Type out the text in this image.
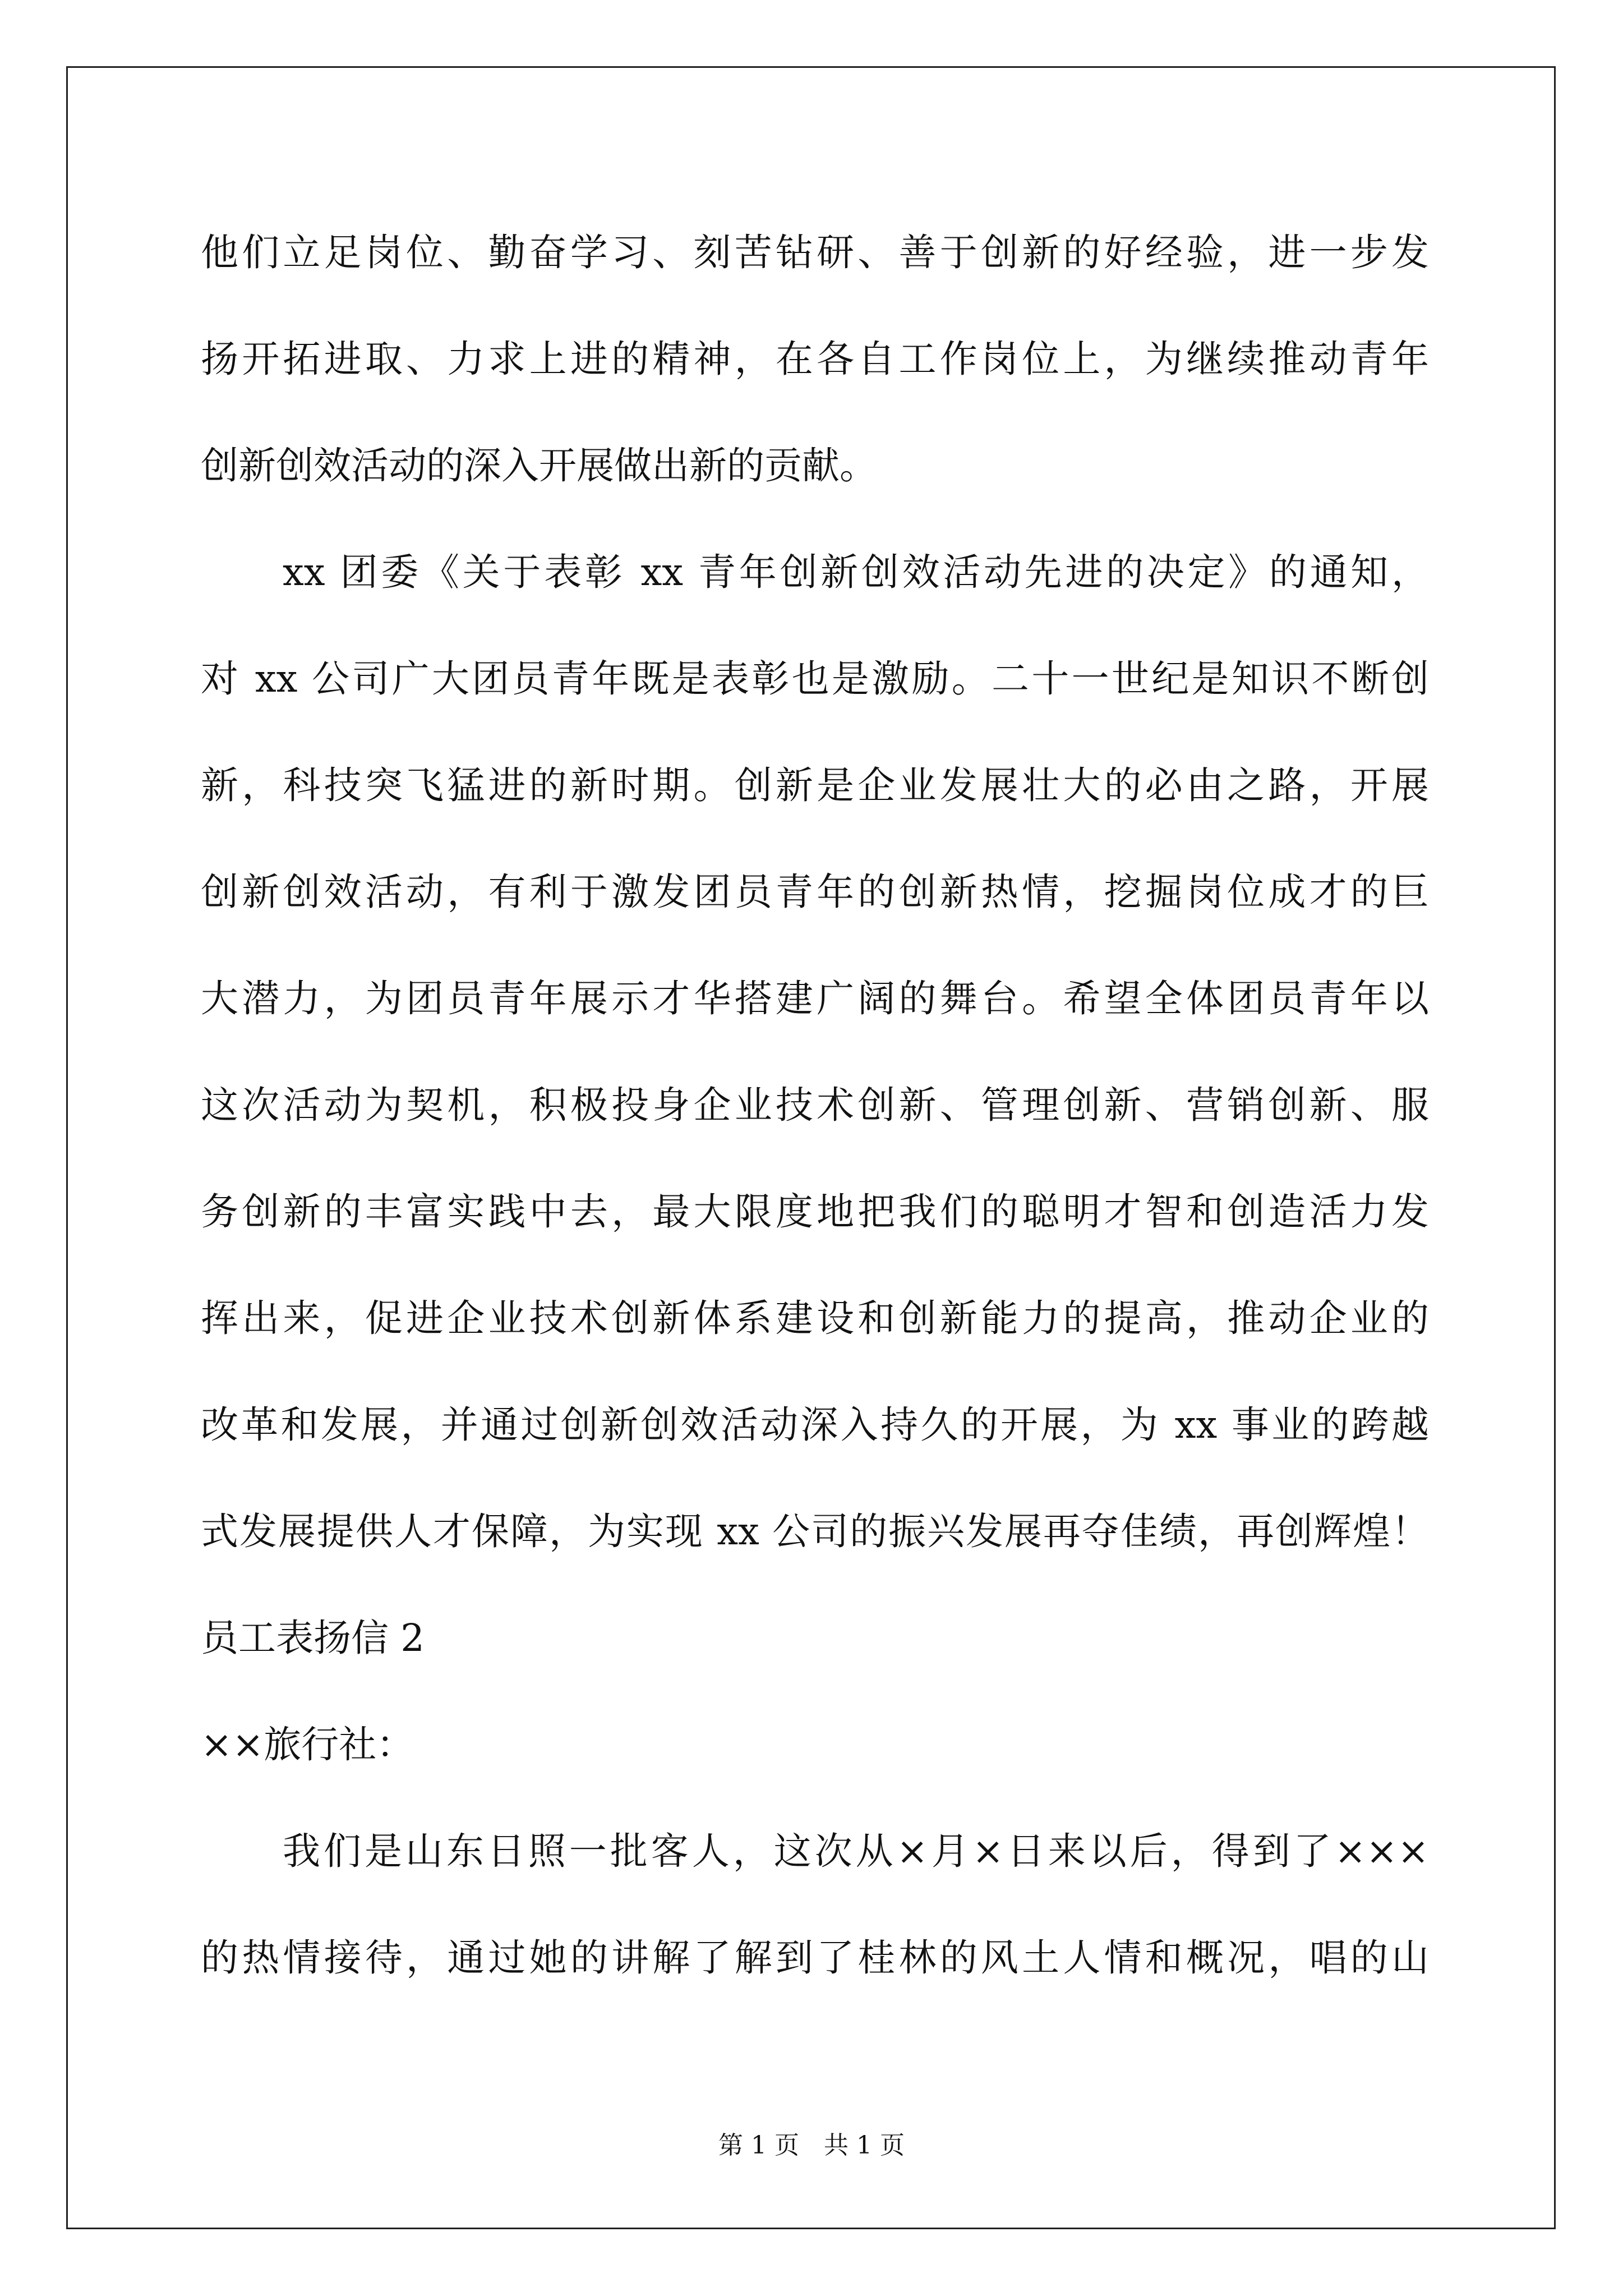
他们立足岗位、勤奋学习、刻苦钻研、善于创新的好经验，进一步发
扬开拓进取、力求上进的精神，在各自工作岗位上，为继续推动青年
创新创效活动的深入开展做出新的贡献。
xx 团委《关于表彰 xx 青年创新创效活动先进的决定》的通知，
对 xx 公司广大团员青年既是表彰也是激励。二十一世纪是知识不断创
新，科技突飞猛进的新时期。创新是企业发展壮大的必由之路，开展
创新创效活动，有利于激发团员青年的创新热情，挖掘岗位成才的巨
大潜力，为团员青年展示才华搭建广阔的舞台。希望全体团员青年以
这次活动为契机，积极投身企业技术创新、管理创新、营销创新、服
务创新的丰富实践中去，最大限度地把我们的聪明才智和创造活力发
挥出来，促进企业技术创新体系建设和创新能力的提高，推动企业的
改革和发展，并通过创新创效活动深入持久的开展，为 xx 事业的跨越
式发展提供人才保障，为实现 xx 公司的振兴发展再夺佳绩，再创辉煌！
员工表扬信 2
××旅行社：
我们是山东日照一批客人，这次从×月×日来以后，得到了×××
的热情接待，通过她的讲解了解到了桂林的风土人情和概况，唱的山
第 1 页　共 1 页
